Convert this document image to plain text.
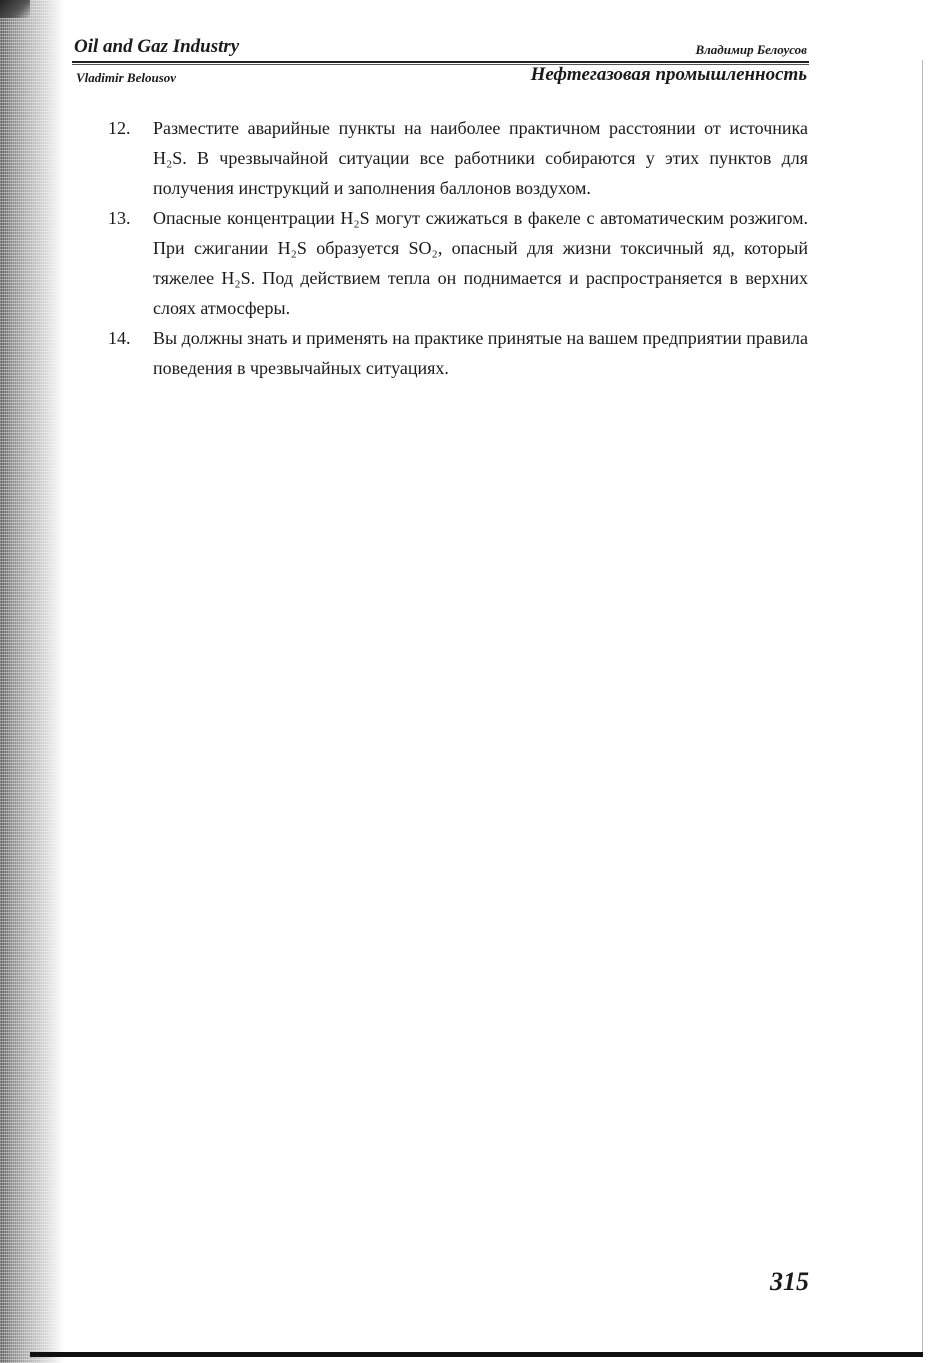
Oil and Gaz Industry	Владимир Белоусов
Vladimir Belousov	Нефтегазовая промышленность
12.	Разместите аварийные пункты на наиболее практичном расстоянии от источника H₂S. В чрезвычайной ситуации все работники собираются у этих пунктов для получения инструкций и заполнения баллонов воздухом.

13.	Опасные концентрации H₂S могут сжижаться в факеле с автоматическим розжигом. При сжигании H₂S образуется SO₂, опасный для жизни токсичный яд, который тяжелее H₂S. Под действием тепла он поднимается и распространяется в верхних слоях атмосферы.

14.	Вы должны знать и применять на практике принятые на вашем предприятии правила поведения в чрезвычайных ситуациях.

315
